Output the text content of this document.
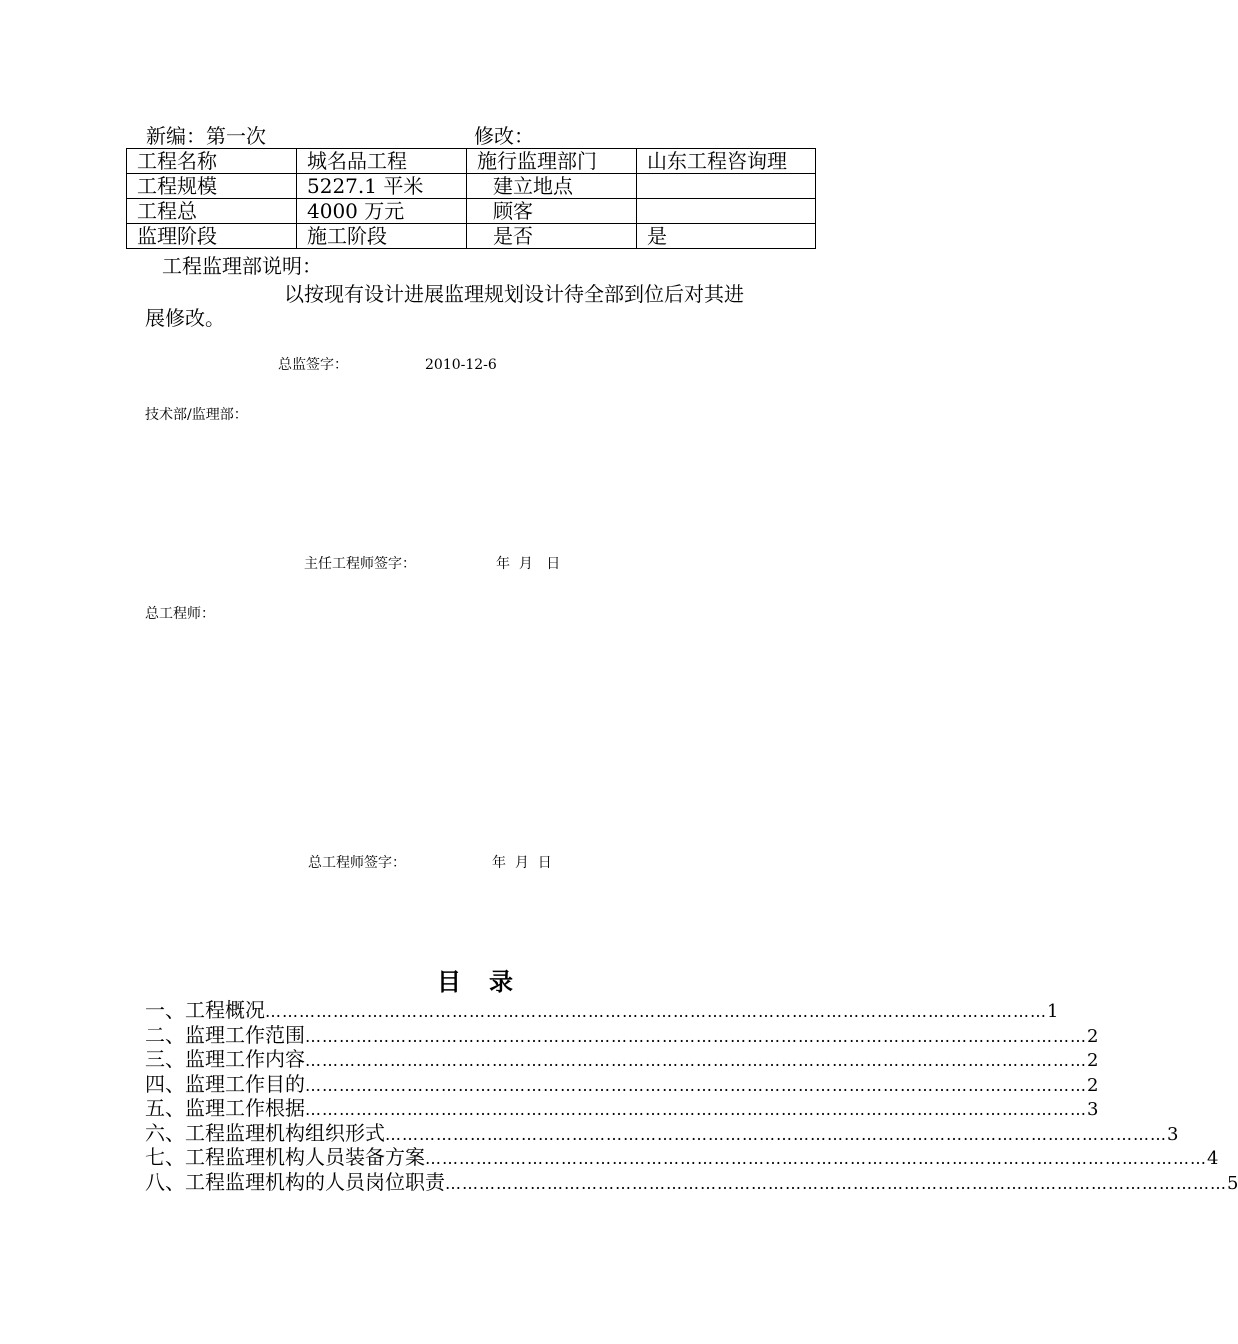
新编：第一次	修改：
工程名称	城名品工程	施行监理部门	山东工程咨询理
工程规模	5227.1 平米	建立地点	
工程总	4000 万元	顾客	
监理阶段	施工阶段	是否	是
工程监理部说明：
以按现有设计进展监理规划设计待全部到位后对其进
展修改。
总监签字：	2010-12-6
技术部/监理部：
主任工程师签字：	年  月   日
总工程师：
总工程师签字：	年  月  日
目录
一、工程概况 ………………………………………………………………………………………………………………………… 1
二、监理工作范围 ………………………………………………………………………………………………………………………… 2
三、监理工作内容 ………………………………………………………………………………………………………………………… 2
四、监理工作目的 ………………………………………………………………………………………………………………………… 2
五、监理工作根据 ………………………………………………………………………………………………………………………… 3
六、工程监理机构组织形式 ………………………………………………………………………………………………………………………… 3
七、工程监理机构人员装备方案 ………………………………………………………………………………………………………………………… 4
八、工程监理机构的人员岗位职责 ………………………………………………………………………………………………………………………… 5
